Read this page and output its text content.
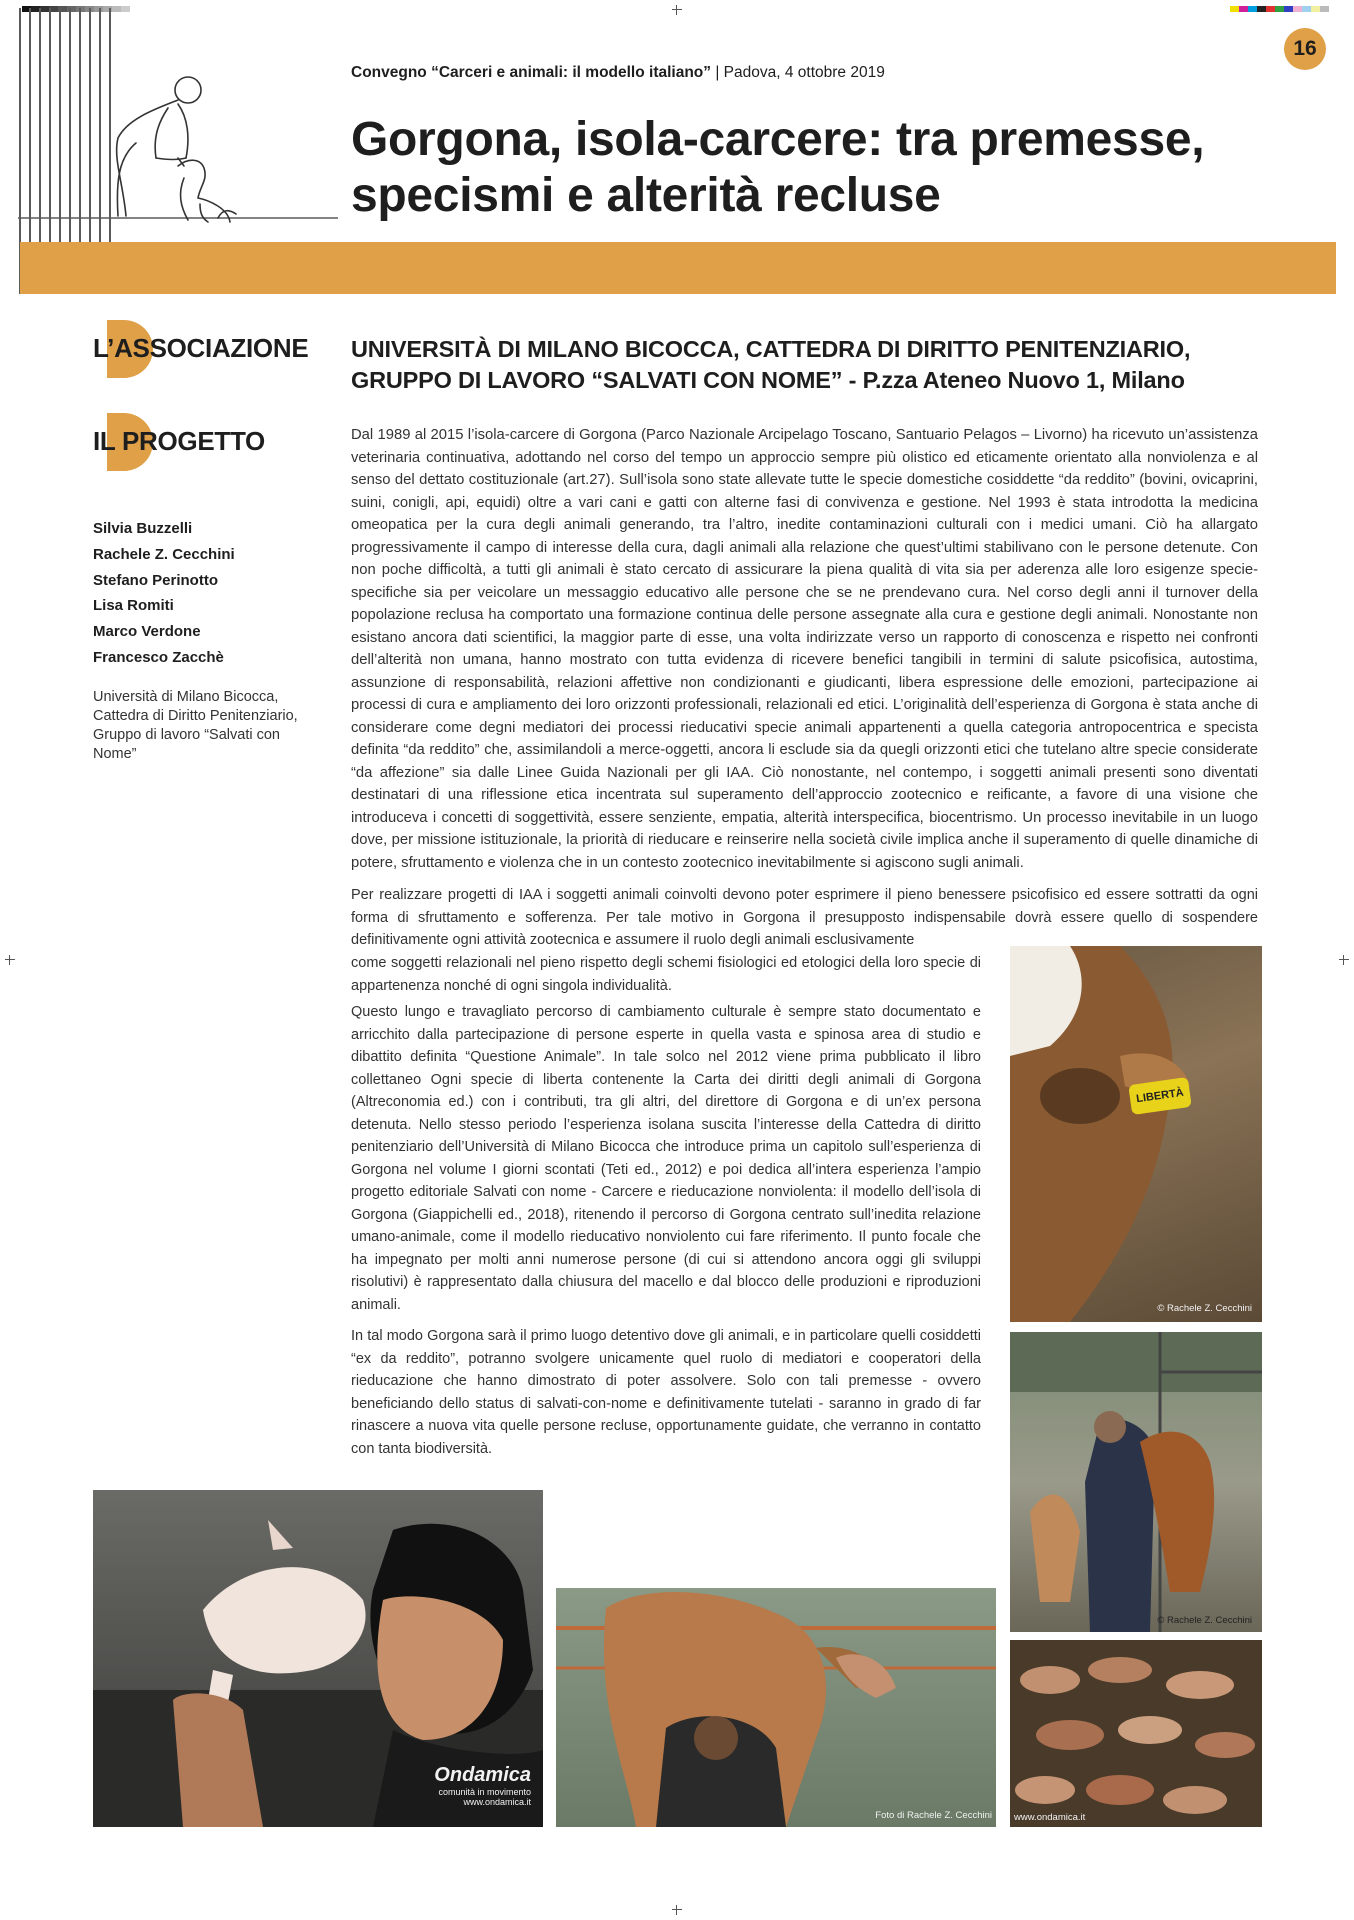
16
Convegno “Carceri e animali: il modello italiano” | Padova, 4 ottobre 2019
Gorgona, isola-carcere: tra premesse,
specismi e alterità recluse
L’ASSOCIAZIONE
IL PROGETTO
Silvia Buzzelli
Rachele Z. Cecchini
Stefano Perinotto
Lisa Romiti
Marco Verdone
Francesco Zacchè

Università di Milano Bicocca, Cattedra di Diritto Penitenziario, Gruppo di lavoro “Salvati con Nome”

UNIVERSITÀ DI MILANO BICOCCA, CATTEDRA DI DIRITTO PENITENZIARIO,
GRUPPO DI LAVORO “SALVATI CON NOME” - P.zza Ateneo Nuovo 1, Milano

Dal 1989 al 2015 l’isola-carcere di Gorgona (Parco Nazionale Arcipelago Toscano, Santuario Pelagos – Livorno) ha ricevuto un’assistenza veterinaria continuativa, adottando nel corso del tempo un approccio sempre più olistico ed eticamente orientato alla nonviolenza e al senso del dettato costituzionale (art.27). Sull’isola sono state allevate tutte le specie domestiche cosiddette “da reddito” (bovini, ovicaprini, suini, conigli, api, equidi) oltre a vari cani e gatti con alterne fasi di convivenza e gestione. Nel 1993 è stata introdotta la medicina omeopatica per la cura degli animali generando, tra l’altro, inedite contaminazioni culturali con i medici umani. Ciò ha allargato progressivamente il campo di interesse della cura, dagli animali alla relazione che quest’ultimi stabilivano con le persone detenute. Con non poche difficoltà, a tutti gli animali è stato cercato di assicurare la piena qualità di vita sia per aderenza alle loro esigenze specie-specifiche sia per veicolare un messaggio educativo alle persone che se ne prendevano cura. Nel corso degli anni il turnover della popolazione reclusa ha comportato una formazione continua delle persone assegnate alla cura e gestione degli animali. Nonostante non esistano ancora dati scientifici, la maggior parte di esse, una volta indirizzate verso un rapporto di conoscenza e rispetto nei confronti dell’alterità non umana, hanno mostrato con tutta evidenza di ricevere benefici tangibili in termini di salute psicofisica, autostima, assunzione di responsabilità, relazioni affettive non condizionanti e giudicanti, libera espressione delle emozioni, partecipazione ai processi di cura e ampliamento dei loro orizzonti professionali, relazionali ed etici. L’originalità dell’esperienza di Gorgona è stata anche di considerare come degni mediatori dei processi rieducativi specie animali appartenenti a quella categoria antropocentrica e specista definita “da reddito” che, assimilandoli a merce-oggetti, ancora li esclude sia da quegli orizzonti etici che tutelano altre specie considerate “da affezione” sia dalle Linee Guida Nazionali per gli IAA. Ciò nonostante, nel contempo, i soggetti animali presenti sono diventati destinatari di una riflessione etica incentrata sul superamento dell’approccio zootecnico e reificante, a favore di una visione che introduceva i concetti di soggettività, essere senziente, empatia, alterità interspecifica, biocentrismo. Un processo inevitabile in un luogo dove, per missione istituzionale, la priorità di rieducare e reinserire nella società civile implica anche il superamento di quelle dinamiche di potere, sfruttamento e violenza che in un contesto zootecnico inevitabilmente si agiscono sugli animali.

Per realizzare progetti di IAA i soggetti animali coinvolti devono poter esprimere il pieno benessere psicofisico ed essere sottratti da ogni forma di sfruttamento e sofferenza. Per tale motivo in Gorgona il presupposto indispensabile dovrà essere quello di sospendere definitivamente ogni attività zootecnica e assumere il ruolo degli animali esclusivamente

come soggetti relazionali nel pieno rispetto degli schemi fisiologici ed etologici della loro specie di appartenenza nonché di ogni singola individualità.

Questo lungo e travagliato percorso di cambiamento culturale è sempre stato documentato e arricchito dalla partecipazione di persone esperte in quella vasta e spinosa area di studio e dibattito definita “Questione Animale”. In tale solco nel 2012 viene prima pubblicato il libro collettaneo Ogni specie di liberta contenente la Carta dei diritti degli animali di Gorgona (Altreconomia ed.) con i contributi, tra gli altri, del direttore di Gorgona e di un’ex persona detenuta. Nello stesso periodo l’esperienza isolana suscita l’interesse della Cattedra di diritto penitenziario dell’Università di Milano Bicocca che introduce prima un capitolo sull’esperienza di Gorgona nel volume I giorni scontati (Teti ed., 2012) e poi dedica all’intera esperienza l’ampio progetto editoriale Salvati con nome - Carcere e rieducazione nonviolenta: il modello dell’isola di Gorgona (Giappichelli ed., 2018), ritenendo il percorso di Gorgona centrato sull’inedita relazione umano-animale, come il modello rieducativo nonviolento cui fare riferimento. Il punto focale che ha impegnato per molti anni numerose persone (di cui si attendono ancora oggi gli sviluppi risolutivi) è rappresentato dalla chiusura del macello e dal blocco delle produzioni e riproduzioni animali.

In tal modo Gorgona sarà il primo luogo detentivo dove gli animali, e in particolare quelli cosiddetti “ex da reddito”, potranno svolgere unicamente quel ruolo di mediatori e cooperatori della rieducazione che hanno dimostrato di poter assolvere. Solo con tali premesse - ovvero beneficiando dello status di salvati-con-nome e definitivamente tutelati - saranno in grado di far rinascere a nuova vita quelle persone recluse, opportunamente guidate, che verranno in contatto con tanta biodiversità.

LIBERTÀ
© Rachele Z. Cecchini
© Rachele Z. Cecchini
www.ondamica.it
Ondamica
comunità in movimento
www.ondamica.it
Foto di Rachele Z. Cecchini
